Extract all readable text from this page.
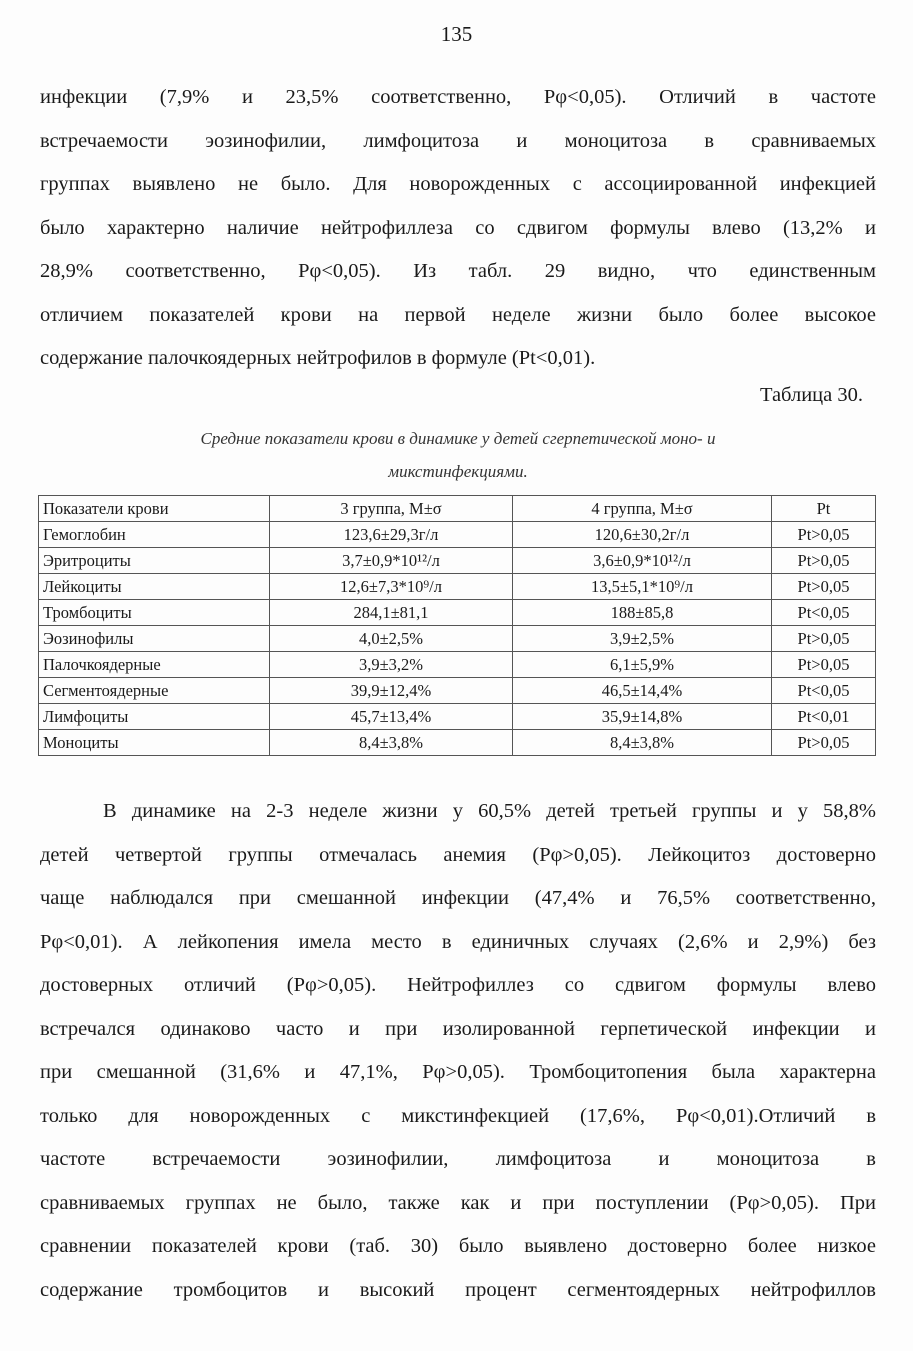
135
инфекции (7,9% и 23,5% соответственно, Рφ<0,05). Отличий в частоте
встречаемости эозинофилии, лимфоцитоза и моноцитоза в сравниваемых
группах выявлено не было. Для новорожденных с ассоциированной инфекцией
было характерно наличие нейтрофиллеза со сдвигом формулы влево (13,2% и
28,9% соответственно, Рφ<0,05). Из табл. 29 видно, что единственным
отличием показателей крови на первой неделе жизни было более высокое
содержание палочкоядерных нейтрофилов в формуле (Pt<0,01).
Таблица 30.
Средние показатели крови в динамике у детей сгерпетической моно- и
микстинфекциями.
Показатели крови	3 группа, M±σ	4 группа, M±σ	Pt
Гемоглобин	123,6±29,3г/л	120,6±30,2г/л	Pt>0,05
Эритроциты	3,7±0,9*10¹²/л	3,6±0,9*10¹²/л	Pt>0,05
Лейкоциты	12,6±7,3*10⁹/л	13,5±5,1*10⁹/л	Pt>0,05
Тромбоциты	284,1±81,1	188±85,8	Pt<0,05
Эозинофилы	4,0±2,5%	3,9±2,5%	Pt>0,05
Палочкоядерные	3,9±3,2%	6,1±5,9%	Pt>0,05
Сегментоядерные	39,9±12,4%	46,5±14,4%	Pt<0,05
Лимфоциты	45,7±13,4%	35,9±14,8%	Pt<0,01
Моноциты	8,4±3,8%	8,4±3,8%	Pt>0,05
В динамике на 2-3 неделе жизни у 60,5% детей третьей группы и у 58,8%
детей четвертой группы отмечалась анемия (Рφ>0,05). Лейкоцитоз достоверно
чаще наблюдался при смешанной инфекции (47,4% и 76,5% соответственно,
Рφ<0,01). А лейкопения имела место в единичных случаях (2,6% и 2,9%) без
достоверных отличий (Рφ>0,05). Нейтрофиллез со сдвигом формулы влево
встречался одинаково часто и при изолированной герпетической инфекции и
при смешанной (31,6% и 47,1%, Рφ>0,05). Тромбоцитопения была характерна
только для новорожденных с микстинфекцией (17,6%, Рφ<0,01).Отличий в
частоте встречаемости эозинофилии, лимфоцитоза и моноцитоза в
сравниваемых группах не было, также как и при поступлении (Рφ>0,05). При
сравнении показателей крови (таб. 30) было выявлено достоверно более низкое
содержание тромбоцитов и высокий процент сегментоядерных нейтрофиллов
